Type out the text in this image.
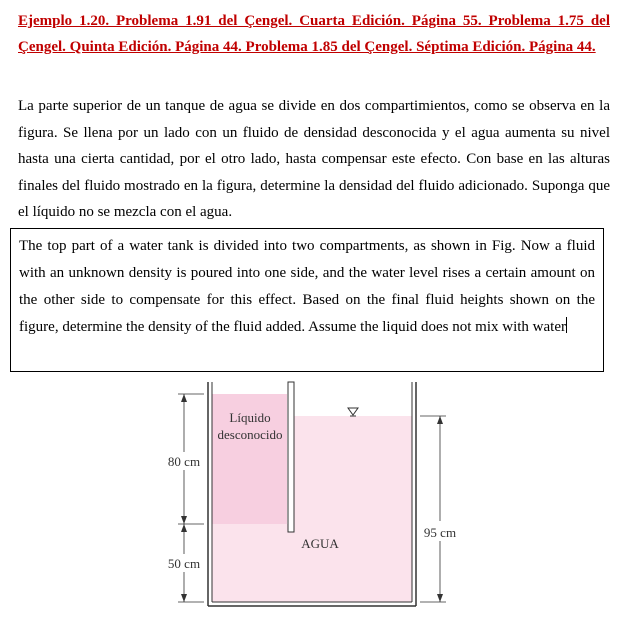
Ejemplo 1.20. Problema 1.91 del Çengel. Cuarta Edición. Página 55. Problema 1.75 del Çengel. Quinta Edición. Página 44. Problema 1.85 del Çengel. Séptima Edición. Página 44.
La parte superior de un tanque de agua se divide en dos compartimientos, como se observa en la figura. Se llena por un lado con un fluido de densidad desconocida y el agua aumenta su nivel hasta una cierta cantidad, por el otro lado, hasta compensar este efecto. Con base en las alturas finales del fluido mostrado en la figura, determine la densidad del fluido adicionado. Suponga que el líquido no se mezcla con el agua.
The top part of a water tank is divided into two compartments, as shown in Fig. Now a fluid with an unknown density is poured into one side, and the water level rises a certain amount on the other side to compensate for this effect. Based on the final fluid heights shown on the figure, determine the density of the fluid added. Assume the liquid does not mix with water
Líquido
desconocido
AGUA
80 cm
50 cm
95 cm
